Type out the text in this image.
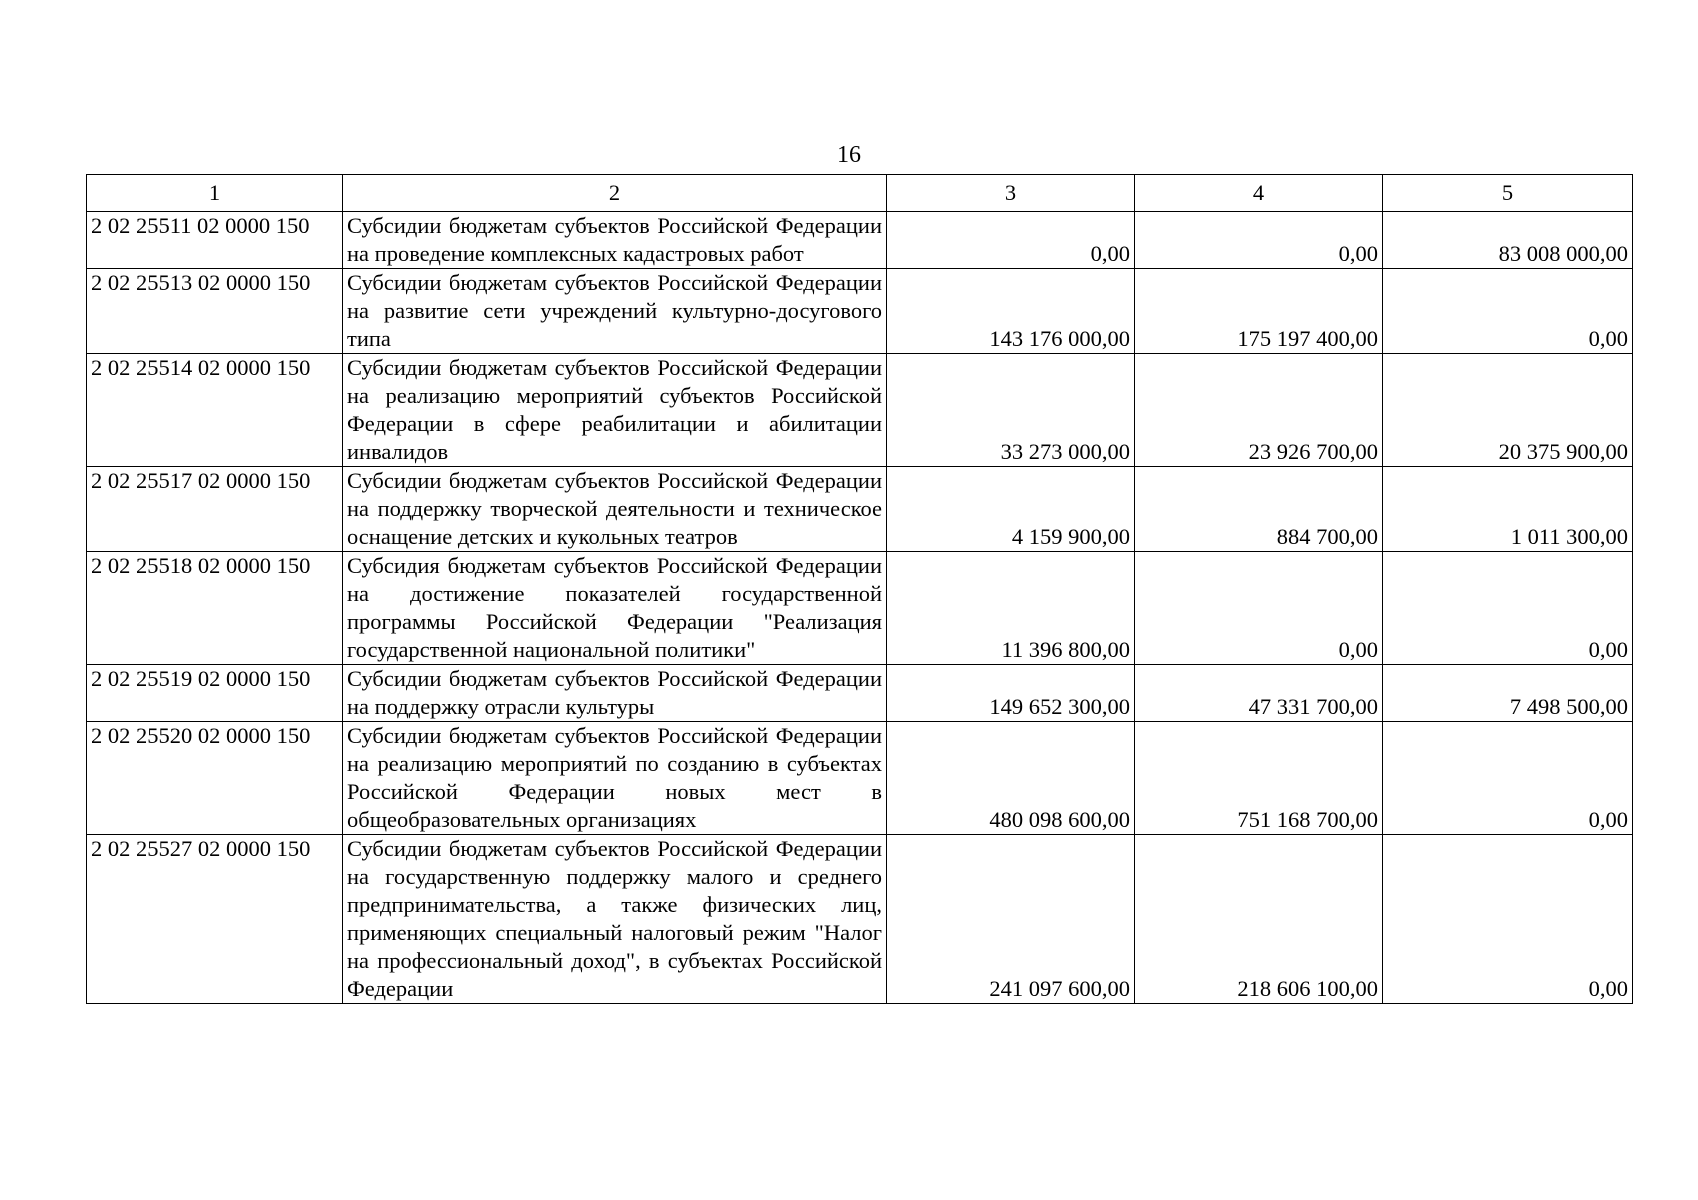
16
1	2	3	4	5
2 02 25511 02 0000 150	Субсидии бюджетам субъектов Российской Федерации на проведение комплексных кадастровых работ	0,00	0,00	83 008 000,00
2 02 25513 02 0000 150	Субсидии бюджетам субъектов Российской Федерации на развитие сети учреждений культурно-досугового типа	143 176 000,00	175 197 400,00	0,00
2 02 25514 02 0000 150	Субсидии бюджетам субъектов Российской Федерации на реализацию мероприятий субъектов Российской Федерации в сфере реабилитации и абилитации инвалидов	33 273 000,00	23 926 700,00	20 375 900,00
2 02 25517 02 0000 150	Субсидии бюджетам субъектов Российской Федерации на поддержку творческой деятельности и техническое оснащение детских и кукольных театров	4 159 900,00	884 700,00	1 011 300,00
2 02 25518 02 0000 150	Субсидия бюджетам субъектов Российской Федерации на достижение показателей государственной программы Российской Федерации "Реализация государственной национальной политики"	11 396 800,00	0,00	0,00
2 02 25519 02 0000 150	Субсидии бюджетам субъектов Российской Федерации на поддержку отрасли культуры	149 652 300,00	47 331 700,00	7 498 500,00
2 02 25520 02 0000 150	Субсидии бюджетам субъектов Российской Федерации на реализацию мероприятий по созданию в субъектах Российской Федерации новых мест в общеобразовательных организациях	480 098 600,00	751 168 700,00	0,00
2 02 25527 02 0000 150	Субсидии бюджетам субъектов Российской Федерации на государственную поддержку малого и среднего предпринимательства, а также физических лиц, применяющих специальный налоговый режим "Налог на профессиональный доход", в субъектах Российской Федерации	241 097 600,00	218 606 100,00	0,00
